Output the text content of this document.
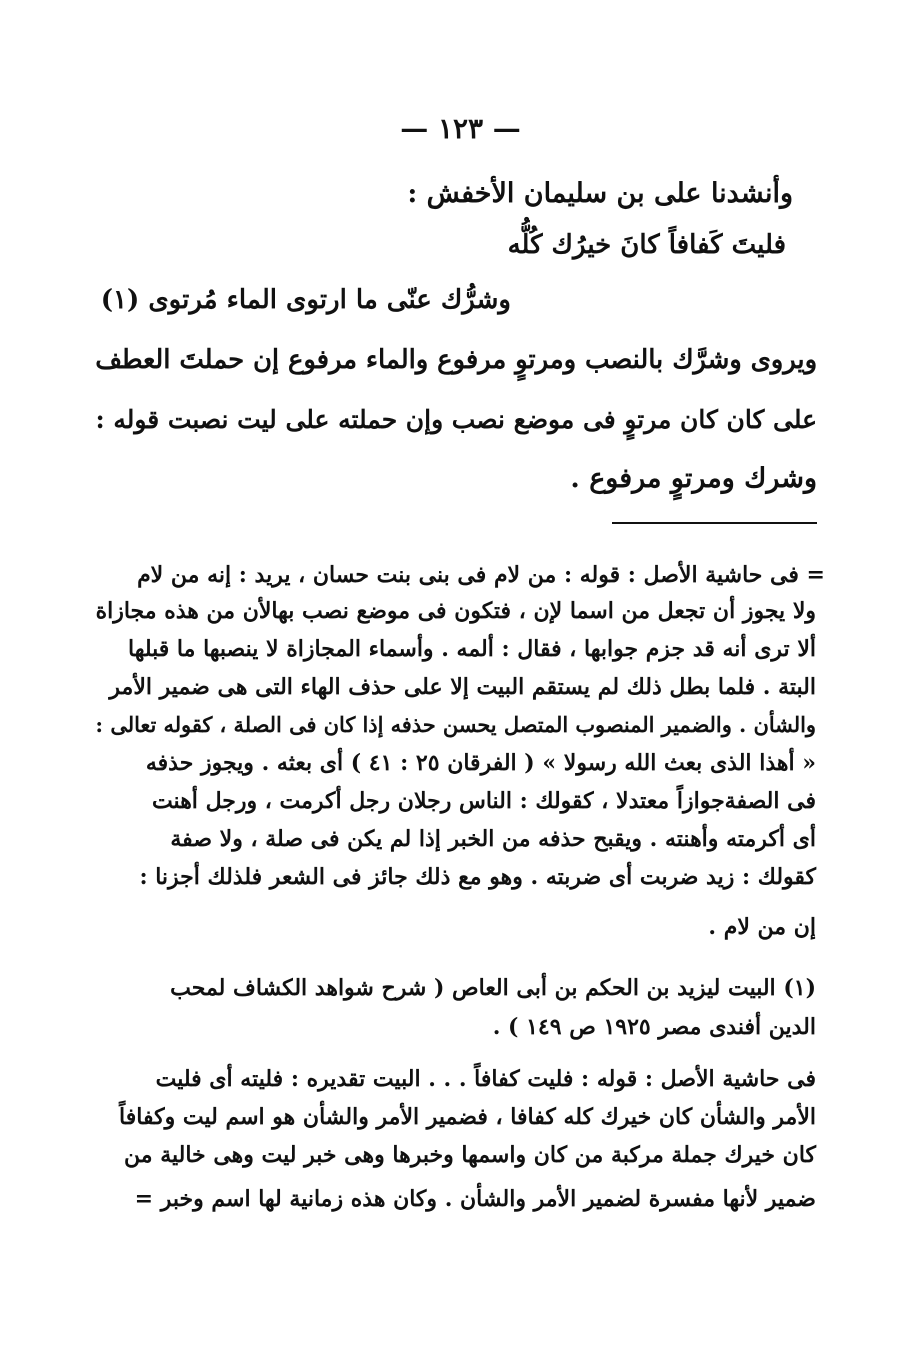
— ١٢٣ —
وأنشدنا على بن سليمان الأخفش :
فليتَ كَفافاً كانَ خيرُك كُلُّه
وشرُّك عنّى ما ارتوى الماء مُرتوى (١)
ويروى وشرَّك بالنصب ومرتوٍ مرفوع والماء مرفوع إن حملتَ العطف
على كان كان مرتوٍ فى موضع نصب وإن حملته على ليت نصبت قوله :
وشرك ومرتوٍ مرفوع .
= فى حاشية الأصل : قوله : من لام فى بنى بنت حسان ، يريد : إنه من لام
ولا يجوز أن تجعل من اسما لإن ، فتكون فى موضع نصب بهالأن من هذه مجازاة
ألا ترى أنه قد جزم جوابها ، فقال : ألمه . وأسماء المجازاة لا ينصبها ما قبلها
البتة . فلما بطل ذلك لم يستقم البيت إلا على حذف الهاء التى هى ضمير الأمر
والشأن . والضمير المنصوب المتصل يحسن حذفه إذا كان فى الصلة ، كقوله تعالى :
« أهذا الذى بعث الله رسولا » ( الفرقان ٢٥ : ٤١ ) أى بعثه . ويجوز حذفه
فى الصفةجوازاً معتدلا ، كقولك : الناس رجلان رجل أكرمت ، ورجل أهنت
أى أكرمته وأهنته . ويقبح حذفه من الخبر إذا لم يكن فى صلة ، ولا صفة
كقولك : زيد ضربت أى ضربته . وهو مع ذلك جائز فى الشعر فلذلك أجزنا :
إن من لام .
(١) البيت ليزيد بن الحكم بن أبى العاص ( شرح شواهد الكشاف لمحب
الدين أفندى مصر ١٩٢٥ ص ١٤٩ ) .
فى حاشية الأصل : قوله : فليت كفافاً . . . البيت تقديره : فليته أى فليت
الأمر والشأن كان خيرك كله كفافا ، فضمير الأمر والشأن هو اسم ليت وكفافاً
كان خيرك جملة مركبة من كان واسمها وخبرها وهى خبر ليت وهى خالية من
ضمير لأنها مفسرة لضمير الأمر والشأن . وكان هذه زمانية لها اسم وخبر =
